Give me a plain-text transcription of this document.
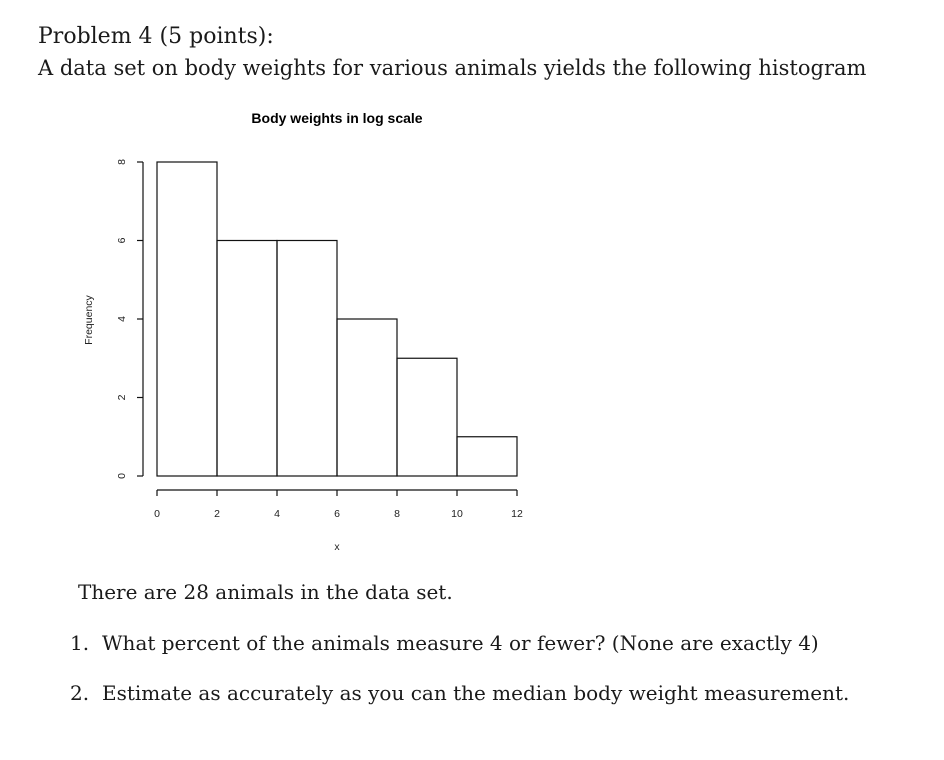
Problem 4 (5 points):
A data set on body weights for various animals yields the following histogram
Body weights in log scale
0	2	4	6	8	10	12
0
2
4
6
8
x
Frequency
There are 28 animals in the data set.
1. What percent of the animals measure 4 or fewer? (None are exactly 4)
2. Estimate as accurately as you can the median body weight measurement.
